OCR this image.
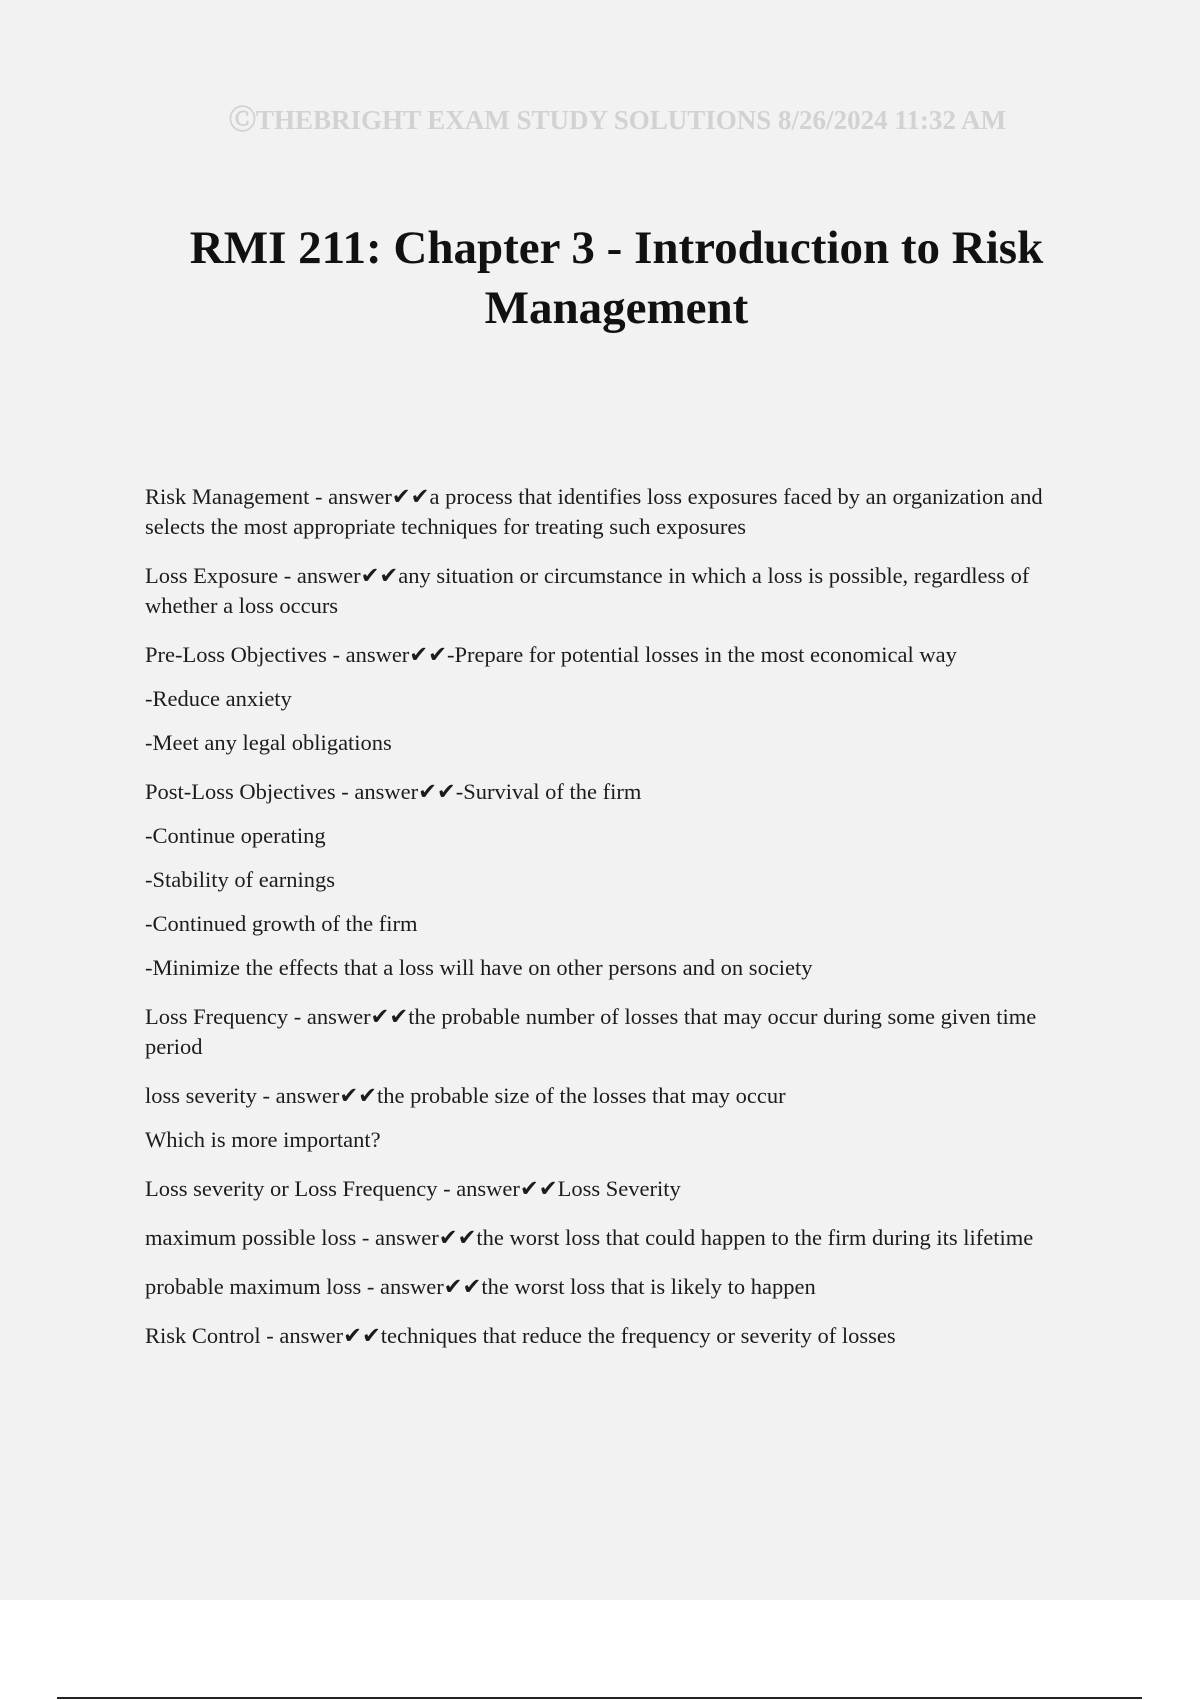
ⒸTHEBRIGHT EXAM STUDY SOLUTIONS 8/26/2024 11:32 AM
RMI 211: Chapter 3 - Introduction to Risk Management

Risk Management - answer✔✔a process that identifies loss exposures faced by an organization and selects the most appropriate techniques for treating such exposures

Loss Exposure - answer✔✔any situation or circumstance in which a loss is possible, regardless of whether a loss occurs

Pre-Loss Objectives - answer✔✔-Prepare for potential losses in the most economical way

-Reduce anxiety

-Meet any legal obligations

Post-Loss Objectives - answer✔✔-Survival of the firm

-Continue operating

-Stability of earnings

-Continued growth of the firm

-Minimize the effects that a loss will have on other persons and on society

Loss Frequency - answer✔✔the probable number of losses that may occur during some given time period

loss severity - answer✔✔the probable size of the losses that may occur

Which is more important?

Loss severity or Loss Frequency - answer✔✔Loss Severity

maximum possible loss - answer✔✔the worst loss that could happen to the firm during its lifetime

probable maximum loss - answer✔✔the worst loss that is likely to happen

Risk Control - answer✔✔techniques that reduce the frequency or severity of losses
